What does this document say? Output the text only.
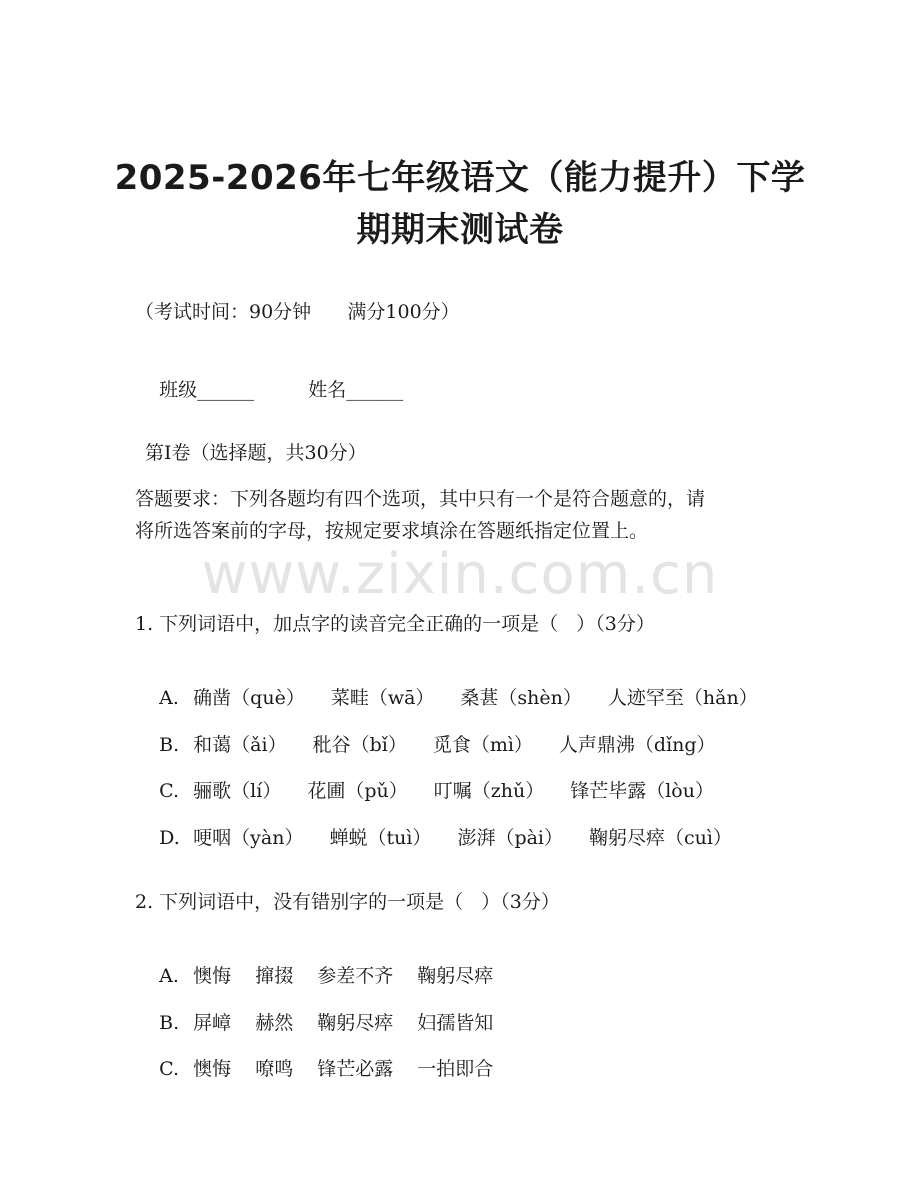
2025-2026年七年级语文（能力提升）下学
期期末测试卷
（考试时间：90分钟      满分100分）

班级______	姓名______

第Ⅰ卷（选择题，共30分）
答题要求：下列各题均有四个选项，其中只有一个是符合题意的，请
将所选答案前的字母，按规定要求填涂在答题纸指定位置上。
www.zixin.com.cn
1. 下列词语中，加点字的读音完全正确的一项是（   ）（3分）

A. 确凿（què） 菜畦（wā） 桑葚（shèn） 人迹罕至（hǎn）

B. 和蔼（ǎi） 秕谷（bǐ） 觅食（mì） 人声鼎沸（dǐng）

C. 骊歌（lí） 花圃（pǔ） 叮嘱（zhǔ） 锋芒毕露（lòu）

D. 哽咽（yàn） 蝉蜕（tuì） 澎湃（pài） 鞠躬尽瘁（cuì）

2. 下列词语中，没有错别字的一项是（   ）（3分）

A. 懊悔 撺掇 参差不齐 鞠躬尽瘁

B. 屏嶂 赫然 鞠躬尽瘁 妇孺皆知

C. 懊悔 嘹鸣 锋芒必露 一拍即合
